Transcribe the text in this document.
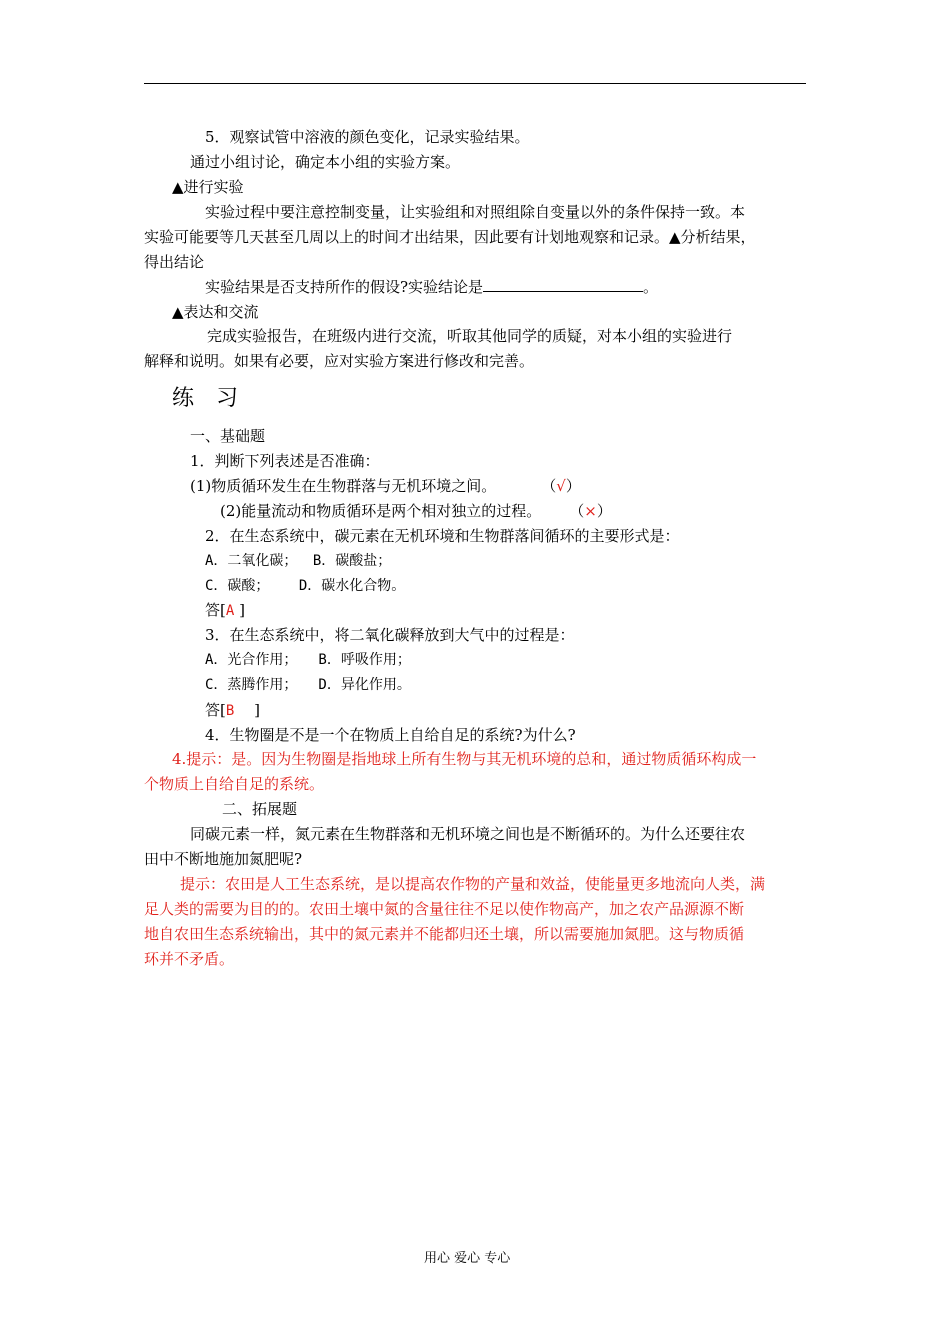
5．观察试管中溶液的颜色变化，记录实验结果。
通过小组讨论，确定本小组的实验方案。
▲进行实验
实验过程中要注意控制变量，让实验组和对照组除自变量以外的条件保持一致。本
实验可能要等几天甚至几周以上的时间才出结果，因此要有计划地观察和记录。▲分析结果，
得出结论
实验结果是否支持所作的假设?实验结论是	。
▲表达和交流
完成实验报告，在班级内进行交流，听取其他同学的质疑，对本小组的实验进行
解释和说明。如果有必要，应对实验方案进行修改和完善。
练　习
一、基础题
1．判断下列表述是否准确：
(1)物质循环发生在生物群落与无机环境之间。	（√）
(2)能量流动和物质循环是两个相对独立的过程。 （×）
2．在生态系统中，碳元素在无机环境和生物群落间循环的主要形式是：
A．二氧化碳；　 B．碳酸盐；
C．碳酸；　　 D．碳水化合物。
答[A ]
3．在生态系统中，将二氧化碳释放到大气中的过程是：
A．光合作用；　　B．呼吸作用；
C．蒸腾作用；　　D．异化作用。
答[B　 ]
4．生物圈是不是一个在物质上自给自足的系统?为什么?
4.提示：是。因为生物圈是指地球上所有生物与其无机环境的总和，通过物质循环构成一
个物质上自给自足的系统。
二、拓展题
同碳元素一样，氮元素在生物群落和无机环境之间也是不断循环的。为什么还要往农
田中不断地施加氮肥呢?
提示：农田是人工生态系统，是以提高农作物的产量和效益，使能量更多地流向人类，满
足人类的需要为目的的。农田土壤中氮的含量往往不足以使作物高产，加之农产品源源不断
地自农田生态系统输出，其中的氮元素并不能都归还土壤，所以需要施加氮肥。这与物质循
环并不矛盾。
用心 爱心 专心
